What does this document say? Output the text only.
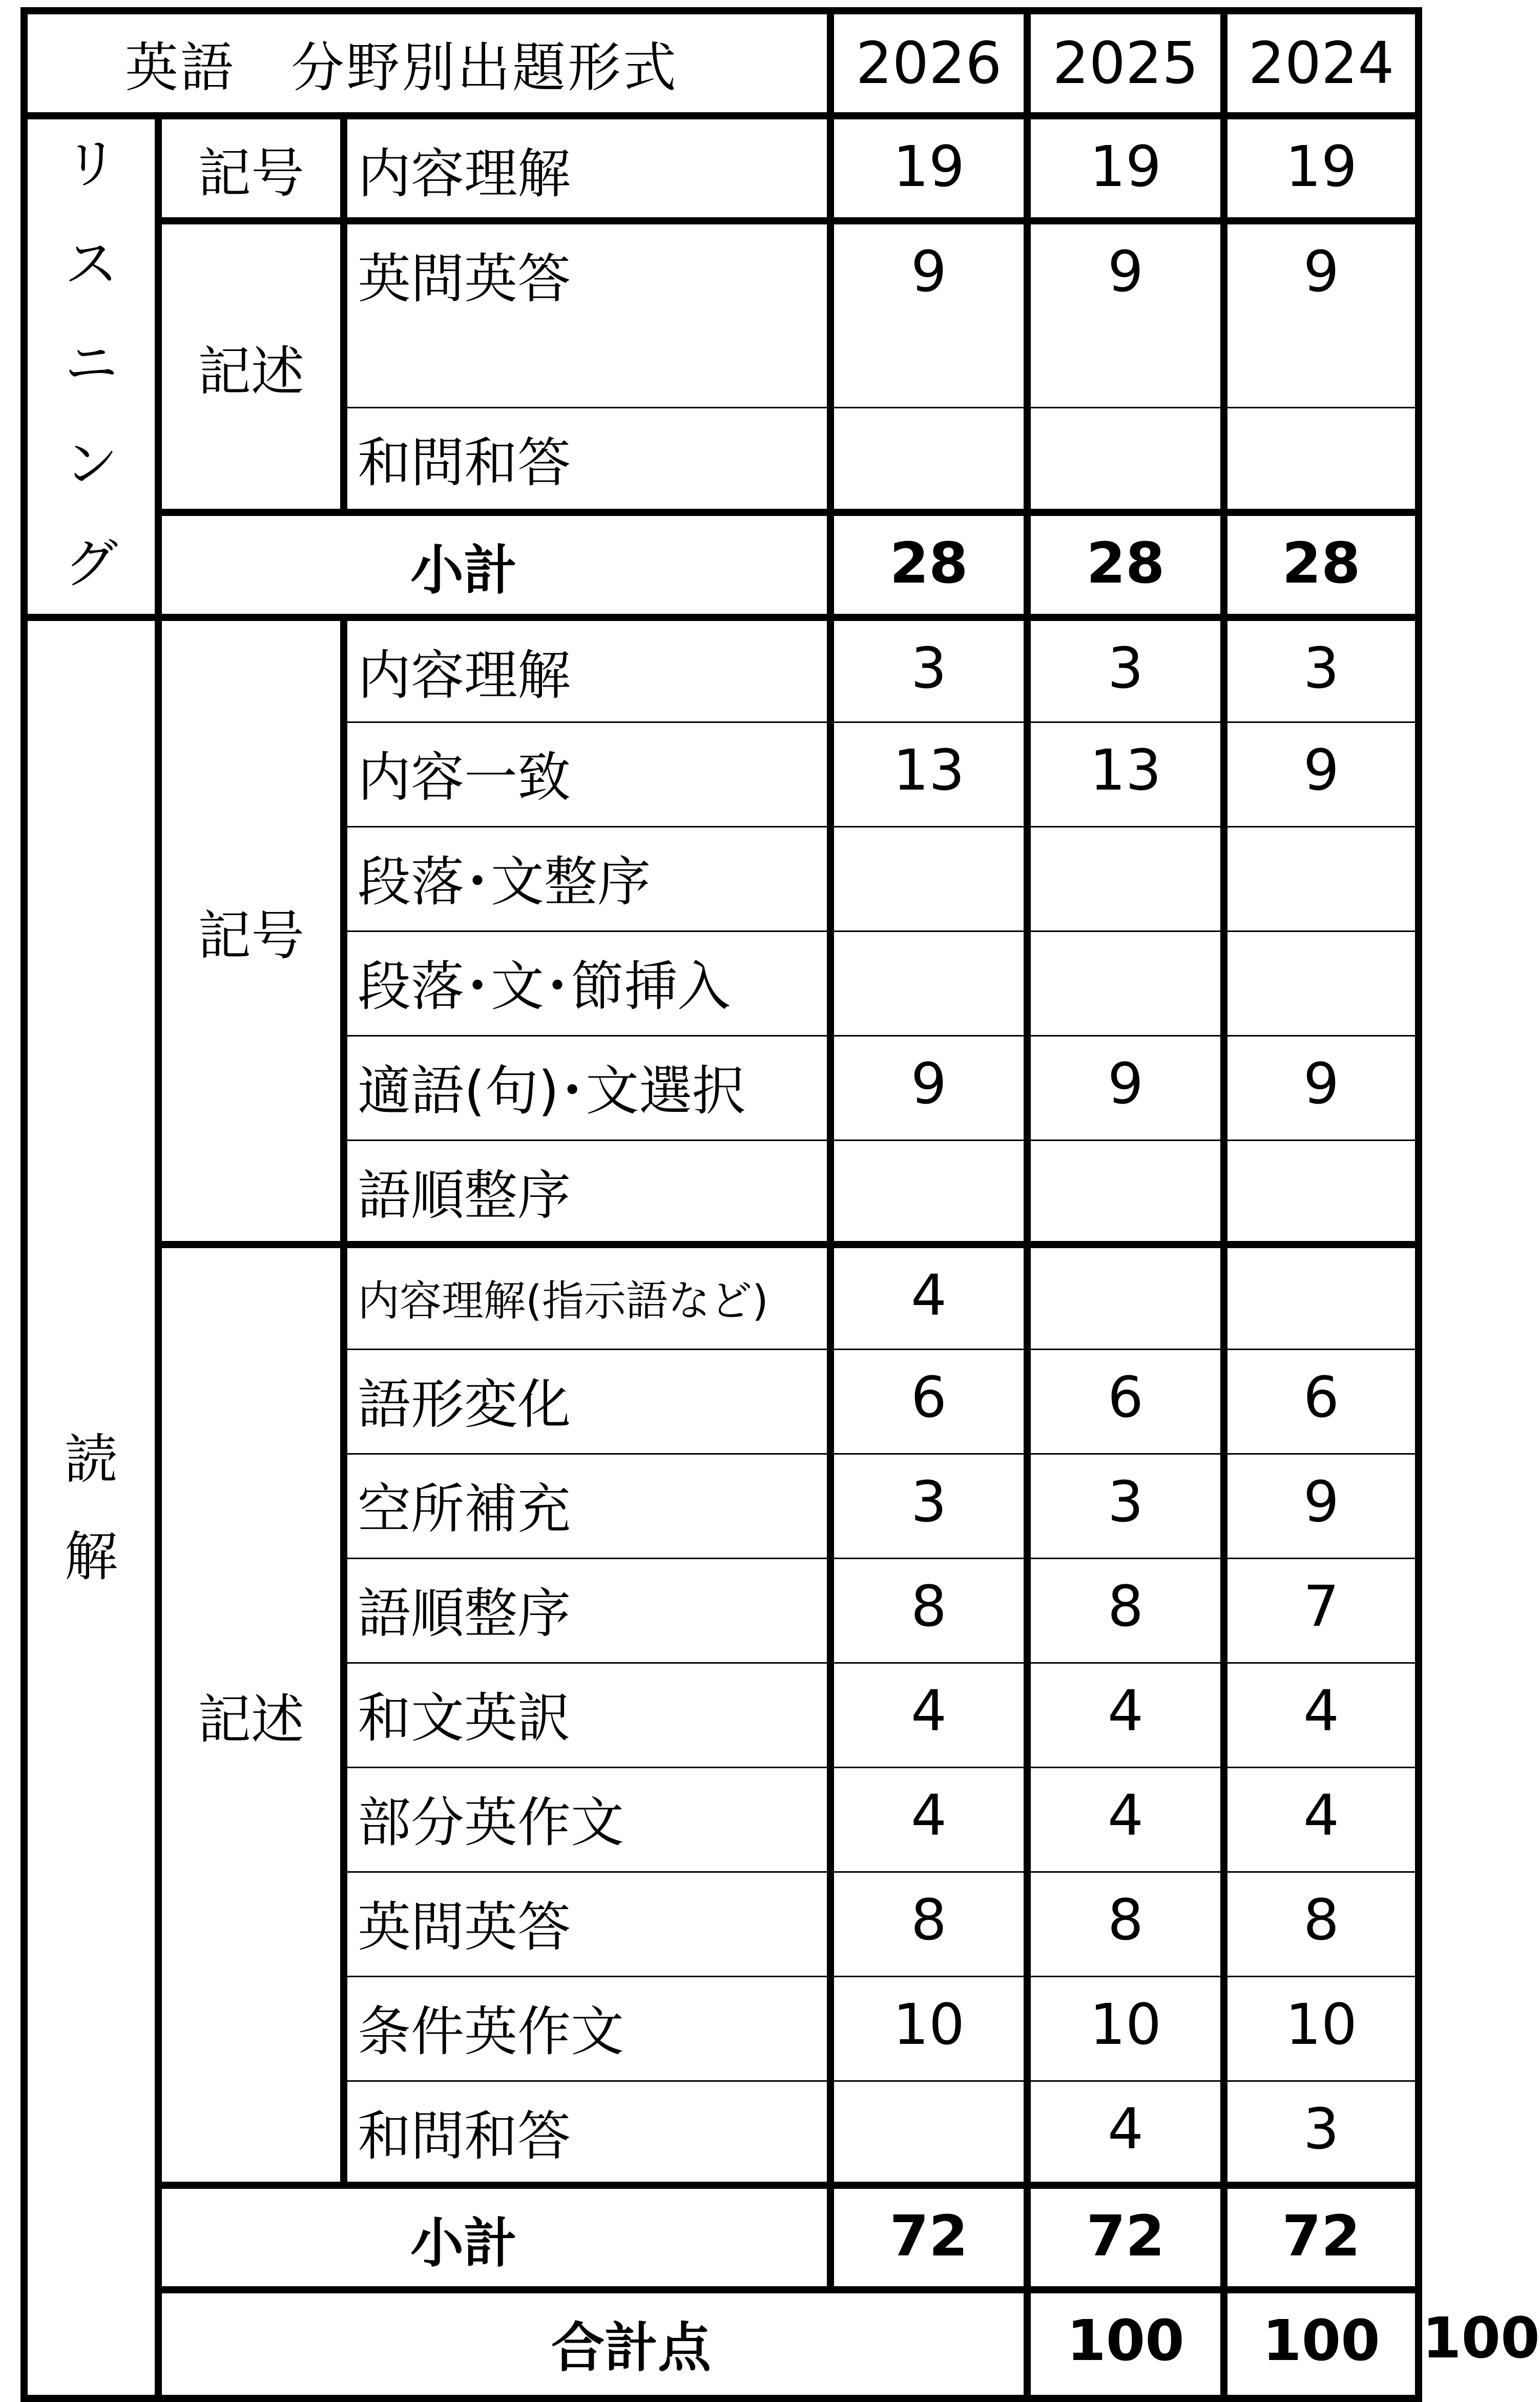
英語　分野別出題形式			2026	2025	2024	
リ
ス
ニ
ン
グ	記号	内容理解	19	19	19	
	記述	英問英答	9	9	9	
		和問和答				
	小計		28	28	28	
読
解	記号	内容理解	3	3	3	
		内容一致	13	13	9	
		段落･文整序				
		段落･文･節挿入				
		適語(句)･文選択	9	9	9	
		語順整序				
	記述	内容理解(指示語など)	4			
		語形変化	6	6	6	
		空所補充	3	3	9	
		語順整序	8	8	7	
		和文英訳	4	4	4	
		部分英作文	4	4	4	
		英問英答	8	8	8	
		条件英作文	10	10	10	
		和問和答		4	3	
	小計		72	72	72	
	合計点			100	100	100
